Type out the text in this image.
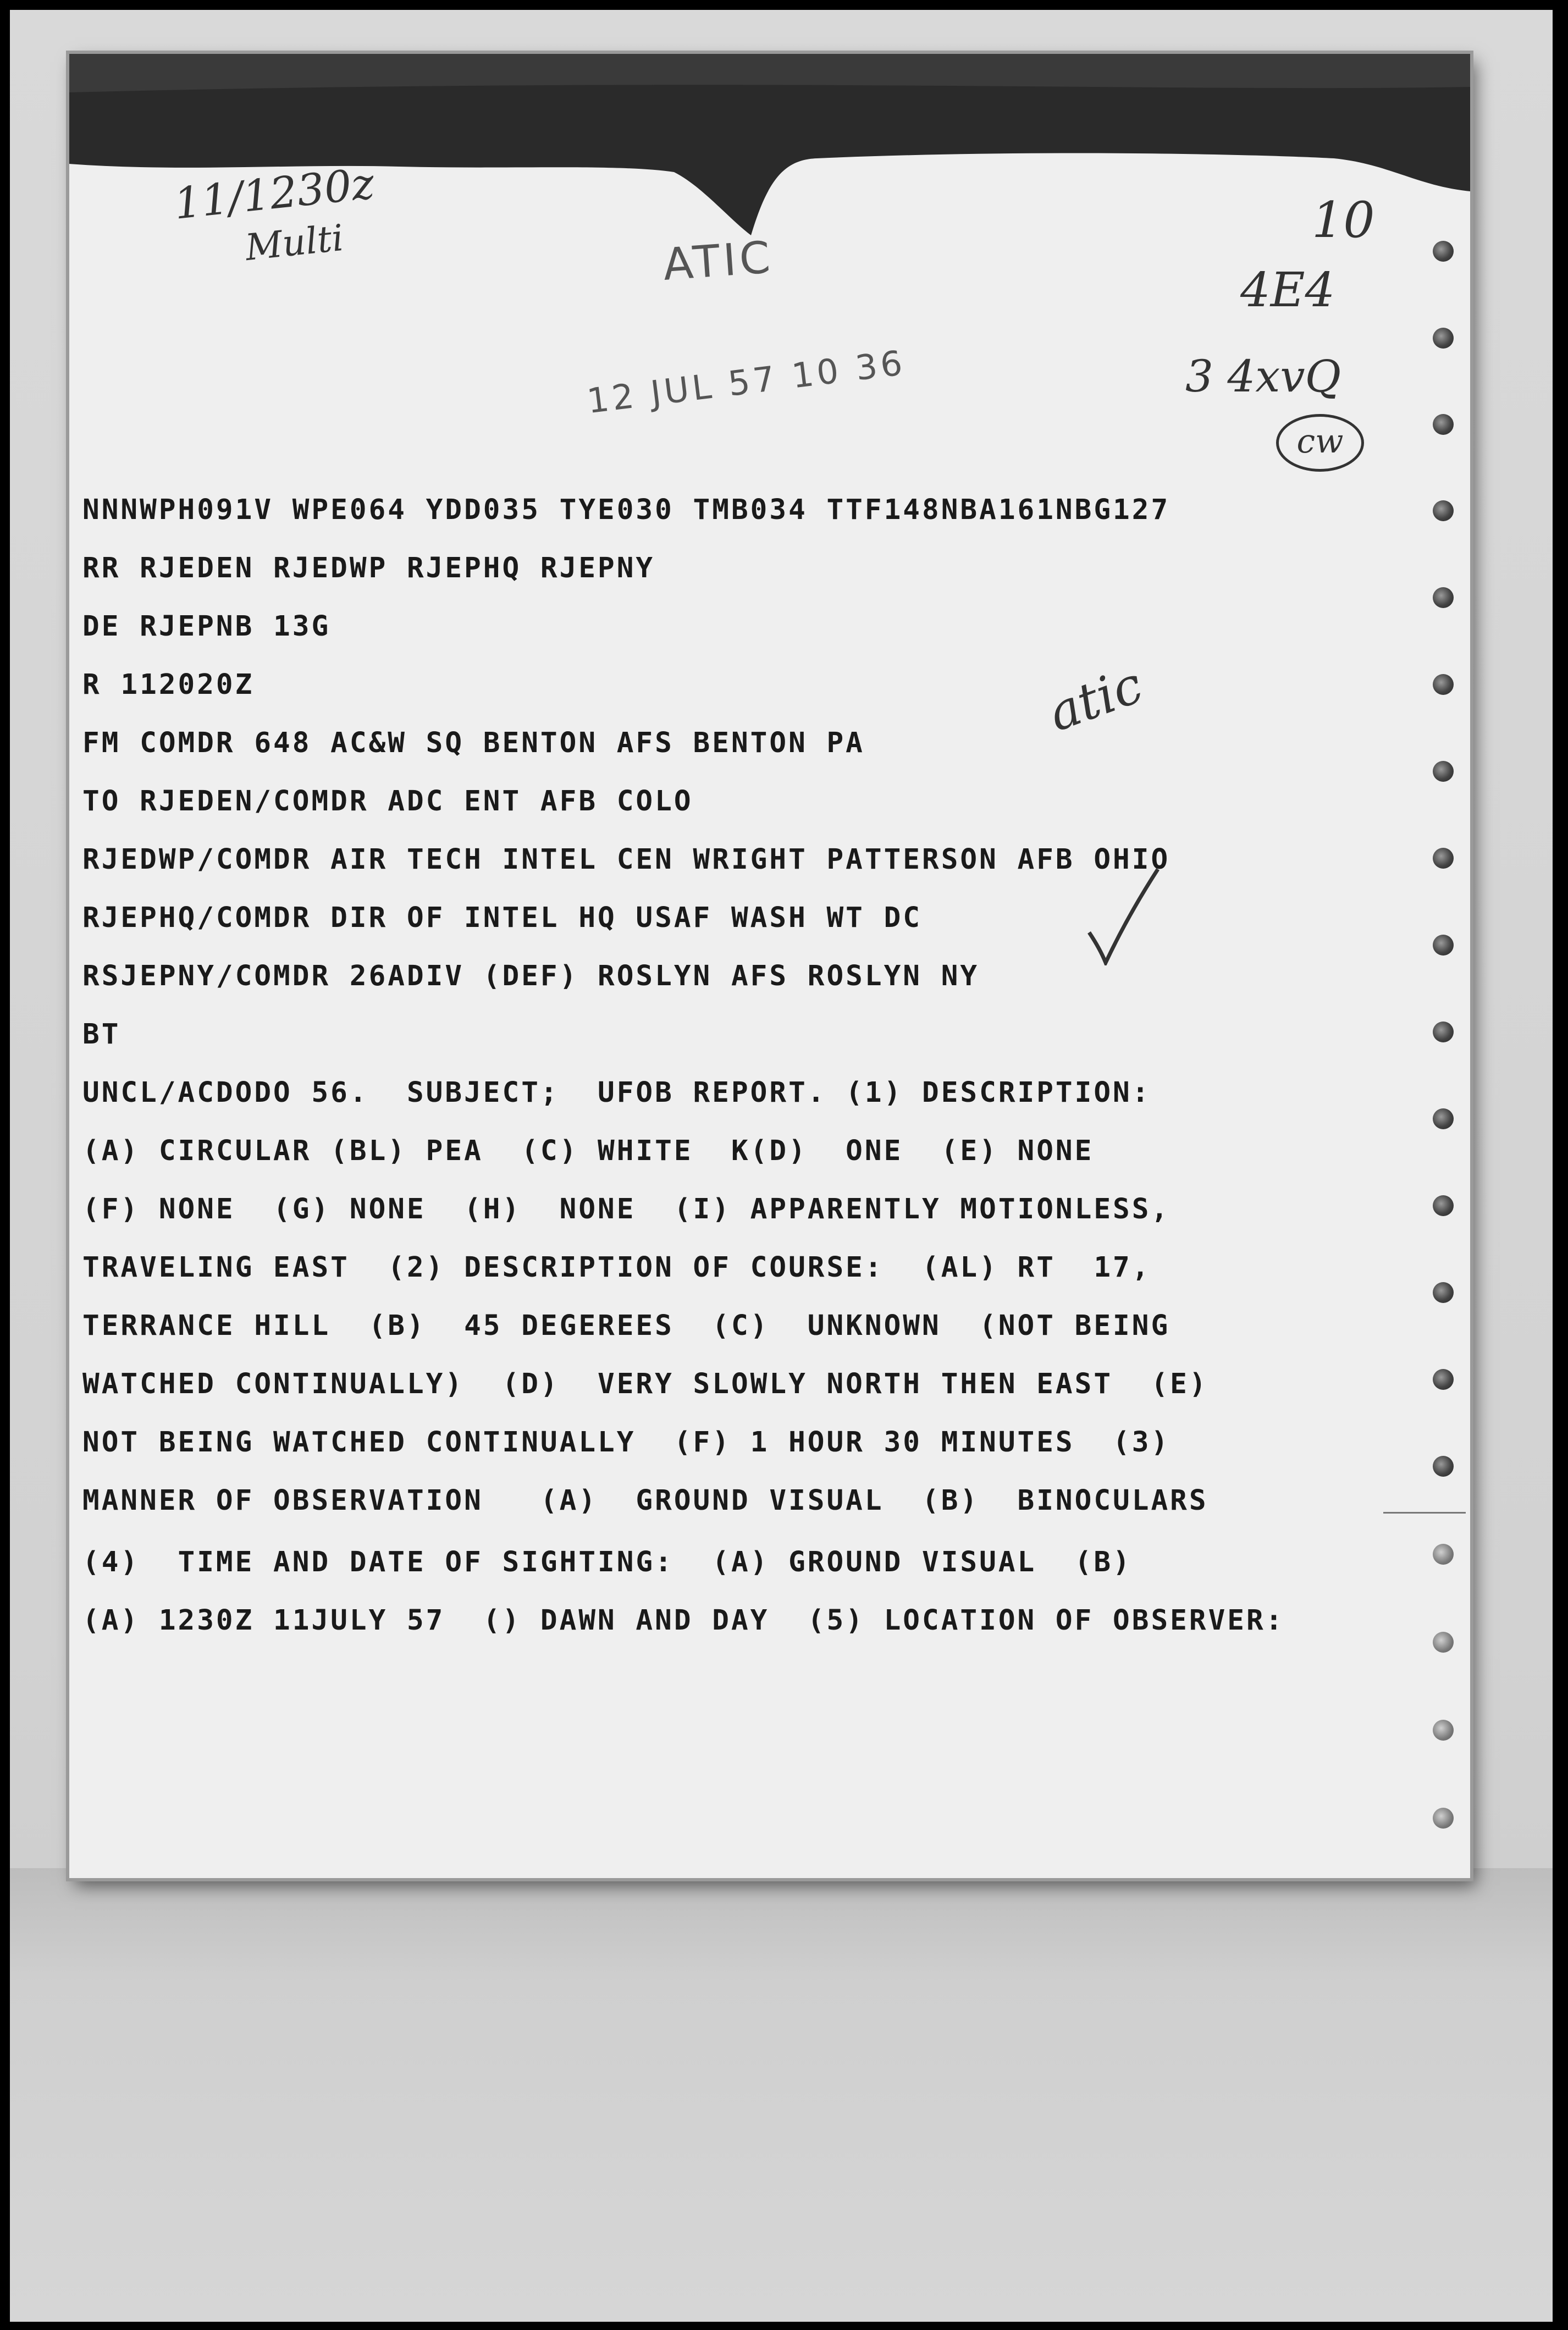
11/1230z
Multi	10
4E4
3 4xvQ
cw
atic
ATIC
12 JUL 57 10 36
NNNWPH091V WPE064 YDD035 TYE030 TMB034 TTF148NBA161NBG127
RR RJEDEN RJEDWP RJEPHQ RJEPNY
DE RJEPNB 13G
R 112020Z
FM COMDR 648 AC&W SQ BENTON AFS BENTON PA
TO RJEDEN/COMDR ADC ENT AFB COLO
RJEDWP/COMDR AIR TECH INTEL CEN WRIGHT PATTERSON AFB OHIO
RJEPHQ/COMDR DIR OF INTEL HQ USAF WASH WT DC
RSJEPNY/COMDR 26ADIV (DEF) ROSLYN AFS ROSLYN NY
BT
UNCL/ACDODO 56.  SUBJECT;  UFOB REPORT. (1) DESCRIPTION:
(A) CIRCULAR (BL) PEA  (C) WHITE  K(D)  ONE  (E) NONE
(F) NONE  (G) NONE  (H)  NONE  (I) APPARENTLY MOTIONLESS,
TRAVELING EAST  (2) DESCRIPTION OF COURSE:  (AL) RT  17,
TERRANCE HILL  (B)  45 DEGEREES  (C)  UNKNOWN  (NOT BEING
WATCHED CONTINUALLY)  (D)  VERY SLOWLY NORTH THEN EAST  (E)
NOT BEING WATCHED CONTINUALLY  (F) 1 HOUR 30 MINUTES  (3)
MANNER OF OBSERVATION   (A)  GROUND VISUAL  (B)  BINOCULARS
(4)  TIME AND DATE OF SIGHTING:  (A) GROUND VISUAL  (B)
(A) 1230Z 11JULY 57  () DAWN AND DAY  (5) LOCATION OF OBSERVER:
